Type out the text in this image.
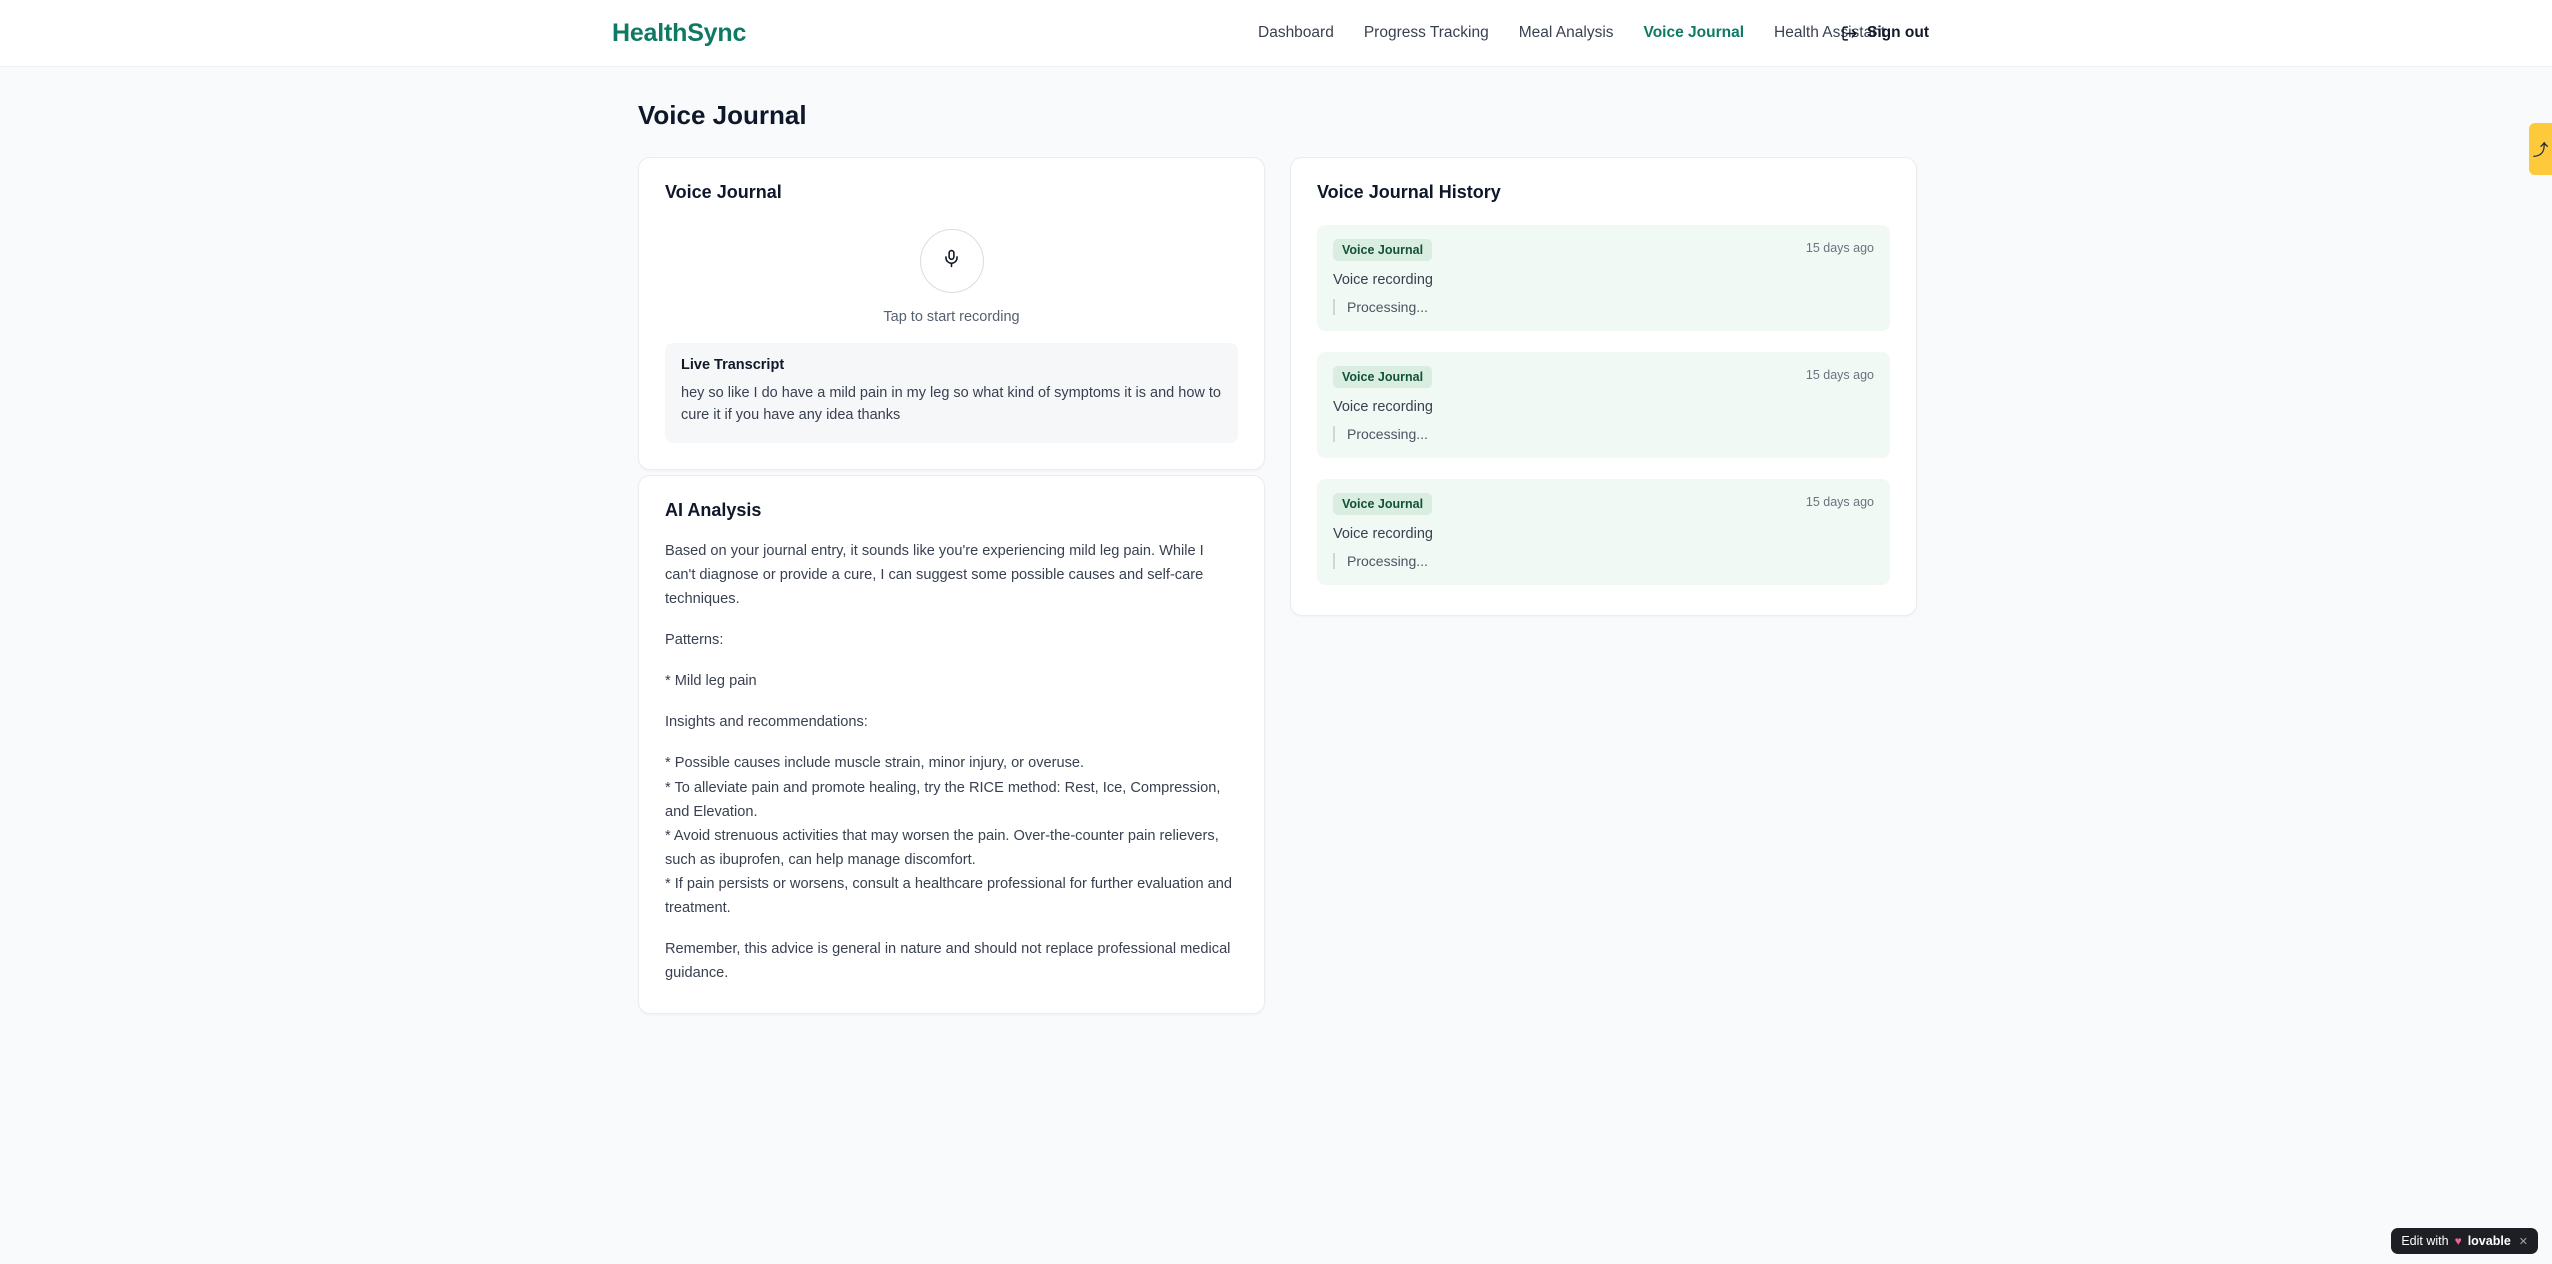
HealthSync	Dashboard Progress Tracking Meal Analysis Voice Journal Health Assistant
Sign out
Voice Journal
Voice Journal
Tap to start recording
Live Transcript
hey so like I do have a mild pain in my leg so what kind of symptoms it is and how to cure it if you have any idea thanks
AI Analysis

Based on your journal entry, it sounds like you're experiencing mild leg pain. While I can't diagnose or provide a cure, I can suggest some possible causes and self-care techniques.

Patterns:

* Mild leg pain

Insights and recommendations:

* Possible causes include muscle strain, minor injury, or overuse.

* To alleviate pain and promote healing, try the RICE method: Rest, Ice, Compression, and Elevation.

* Avoid strenuous activities that may worsen the pain. Over-the-counter pain relievers, such as ibuprofen, can help manage discomfort.

* If pain persists or worsens, consult a healthcare professional for further evaluation and treatment.

Remember, this advice is general in nature and should not replace professional medical guidance.

Voice Journal History
Voice Journal	15 days ago
Voice recording
Processing...
Voice Journal	15 days ago
Voice recording
Processing...
Voice Journal	15 days ago
Voice recording
Processing...
⤴
Edit with ♥ lovable ✕
